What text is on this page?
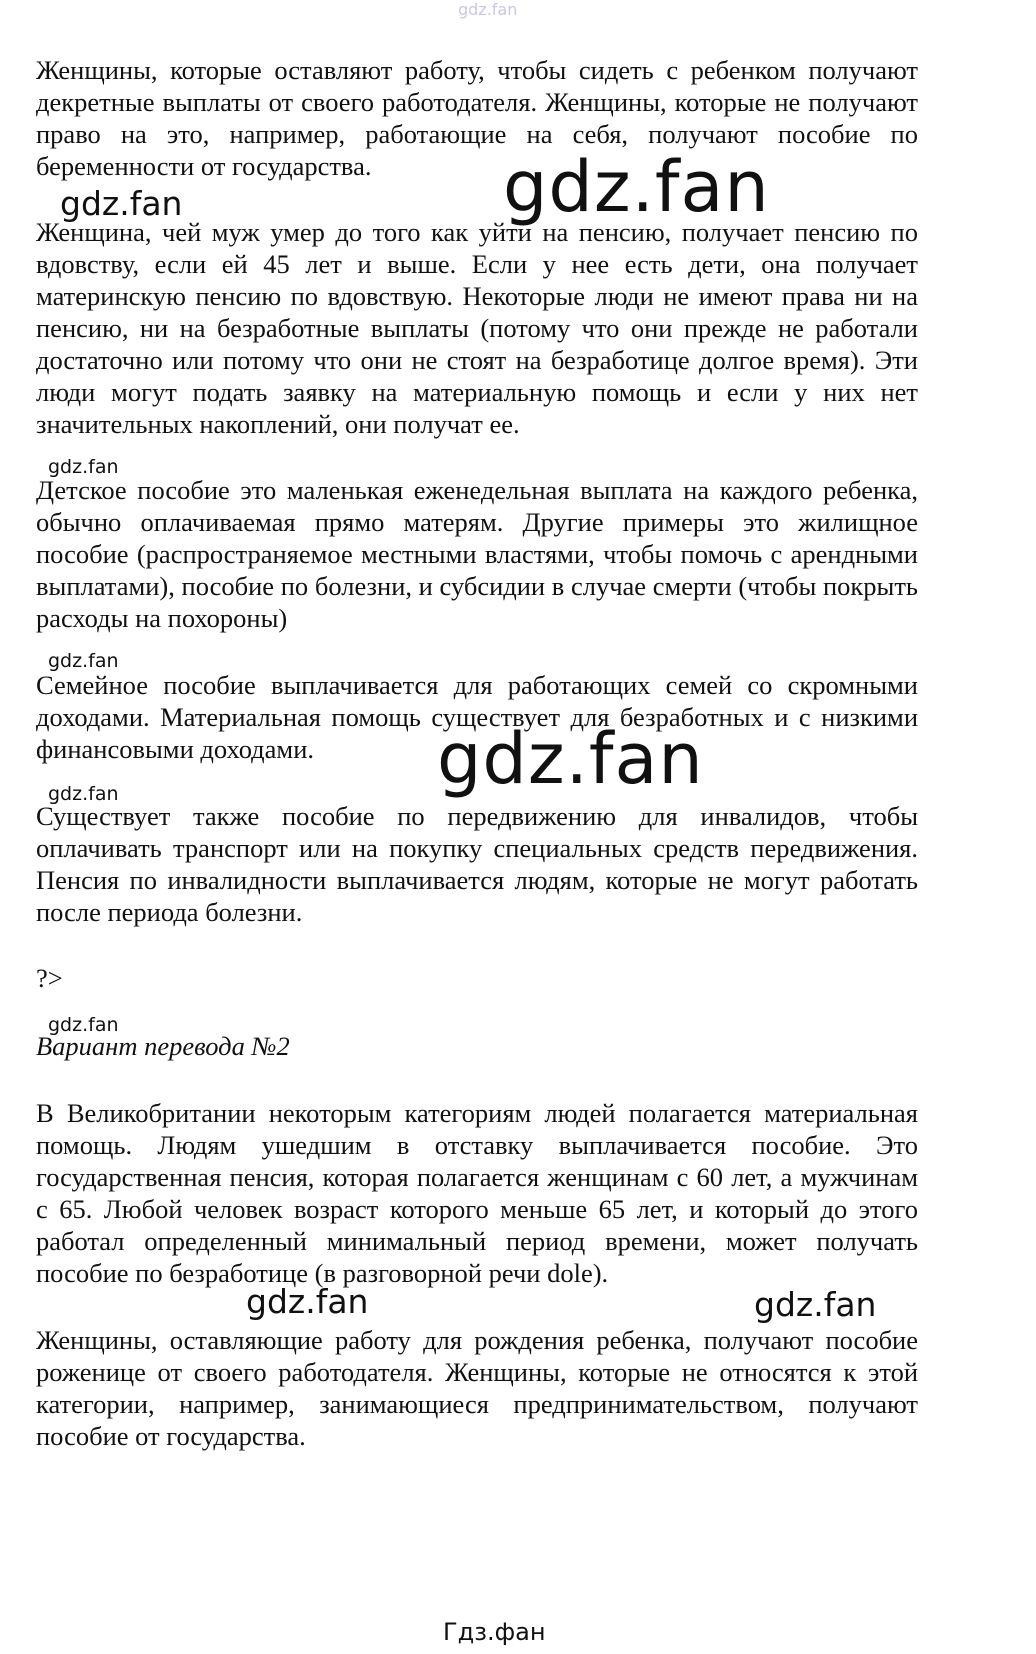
gdz.fan

Женщины, которые оставляют работу, чтобы сидеть с ребенком получают декретные выплаты от своего работодателя. Женщины, которые не получают право на это, например, работающие на себя, получают пособие по беременности от государства.	gdz.fan
gdz.fan

Женщина, чей муж умер до того как уйти на пенсию, получает пенсию по вдовству, если ей 45 лет и выше. Если у нее есть дети, она получает материнскую пенсию по вдовствую. Некоторые люди не имеют права ни на пенсию, ни на безработные выплаты (потому что они прежде не работали достаточно или потому что они не стоят на безработице долгое время). Эти люди могут подать заявку на материальную помощь и если у них нет значительных накоплений, они получат ее.

gdz.fan

Детское пособие это маленькая еженедельная выплата на каждого ребенка, обычно оплачиваемая прямо матерям. Другие примеры это жилищное пособие (распространяемое местными властями, чтобы помочь с арендными выплатами), пособие по болезни, и субсидии в случае смерти (чтобы покрыть расходы на похороны)

gdz.fan

Семейное пособие выплачивается для работающих семей со скромными доходами. Материальная помощь существует для безработных и с низкими финансовыми доходами.	gdz.fan
gdz.fan

Существует также пособие по передвижению для инвалидов, чтобы оплачивать транспорт или на покупку специальных средств передвижения. Пенсия по инвалидности выплачивается людям, которые не могут работать после периода болезни.

?>

gdz.fan

Вариант перевода №2

В Великобритании некоторым категориям людей полагается материальная помощь. Людям ушедшим в отставку выплачивается пособие. Это государственная пенсия, которая полагается женщинам с 60 лет, а мужчинам с 65. Любой человек возраст которого меньше 65 лет, и который до этого работал определенный минимальный период времени, может получать пособие по безработице (в разговорной речи dole).

gdz.fan	gdz.fan

Женщины, оставляющие работу для рождения ребенка, получают пособие роженице от своего работодателя. Женщины, которые не относятся к этой категории, например, занимающиеся предпринимательством, получают пособие от государства.

Гдз.фан
